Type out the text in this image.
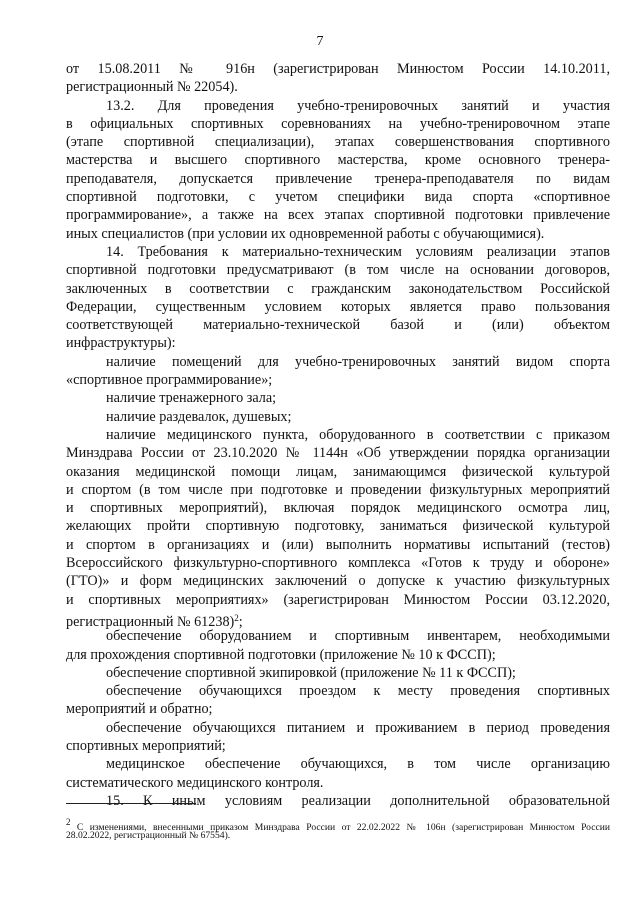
7
от 15.08.2011 № 916н (зарегистрирован Минюстом России 14.10.2011,
регистрационный № 22054).
13.2. Для проведения учебно-тренировочных занятий и участия
в официальных спортивных соревнованиях на учебно-тренировочном этапе
(этапе спортивной специализации), этапах совершенствования спортивного
мастерства и высшего спортивного мастерства, кроме основного тренера-
преподавателя, допускается привлечение тренера-преподавателя по видам
спортивной подготовки, с учетом специфики вида спорта «спортивное
программирование», а также на всех этапах спортивной подготовки привлечение
иных специалистов (при условии их одновременной работы с обучающимися).
14. Требования к материально-техническим условиям реализации этапов
спортивной подготовки предусматривают (в том числе на основании договоров,
заключенных в соответствии с гражданским законодательством Российской
Федерации, существенным условием которых является право пользования
соответствующей материально-технической базой и (или) объектом
инфраструктуры):
наличие помещений для учебно-тренировочных занятий видом спорта
«спортивное программирование»;
наличие тренажерного зала;
наличие раздевалок, душевых;
наличие медицинского пункта, оборудованного в соответствии с приказом
Минздрава России от 23.10.2020 № 1144н «Об утверждении порядка организации
оказания медицинской помощи лицам, занимающимся физической культурой
и спортом (в том числе при подготовке и проведении физкультурных мероприятий
и спортивных мероприятий), включая порядок медицинского осмотра лиц,
желающих пройти спортивную подготовку, заниматься физической культурой
и спортом в организациях и (или) выполнить нормативы испытаний (тестов)
Всероссийского физкультурно-спортивного комплекса «Готов к труду и обороне»
(ГТО)» и форм медицинских заключений о допуске к участию физкультурных
и спортивных мероприятиях» (зарегистрирован Минюстом России 03.12.2020,
регистрационный № 61238)$^2$;
обеспечение оборудованием и спортивным инвентарем, необходимыми
для прохождения спортивной подготовки (приложение № 10 к ФССП);
обеспечение спортивной экипировкой (приложение № 11 к ФССП);
обеспечение обучающихся проездом к месту проведения спортивных
мероприятий и обратно;
обеспечение обучающихся питанием и проживанием в период проведения
спортивных мероприятий;
медицинское обеспечение обучающихся, в том числе организацию
систематического медицинского контроля.
15. К иным условиям реализации дополнительной образовательной
2 С изменениями, внесенными приказом Минздрава России от 22.02.2022 № 106н (зарегистрирован Минюстом России
28.02.2022, регистрационный № 67554).
